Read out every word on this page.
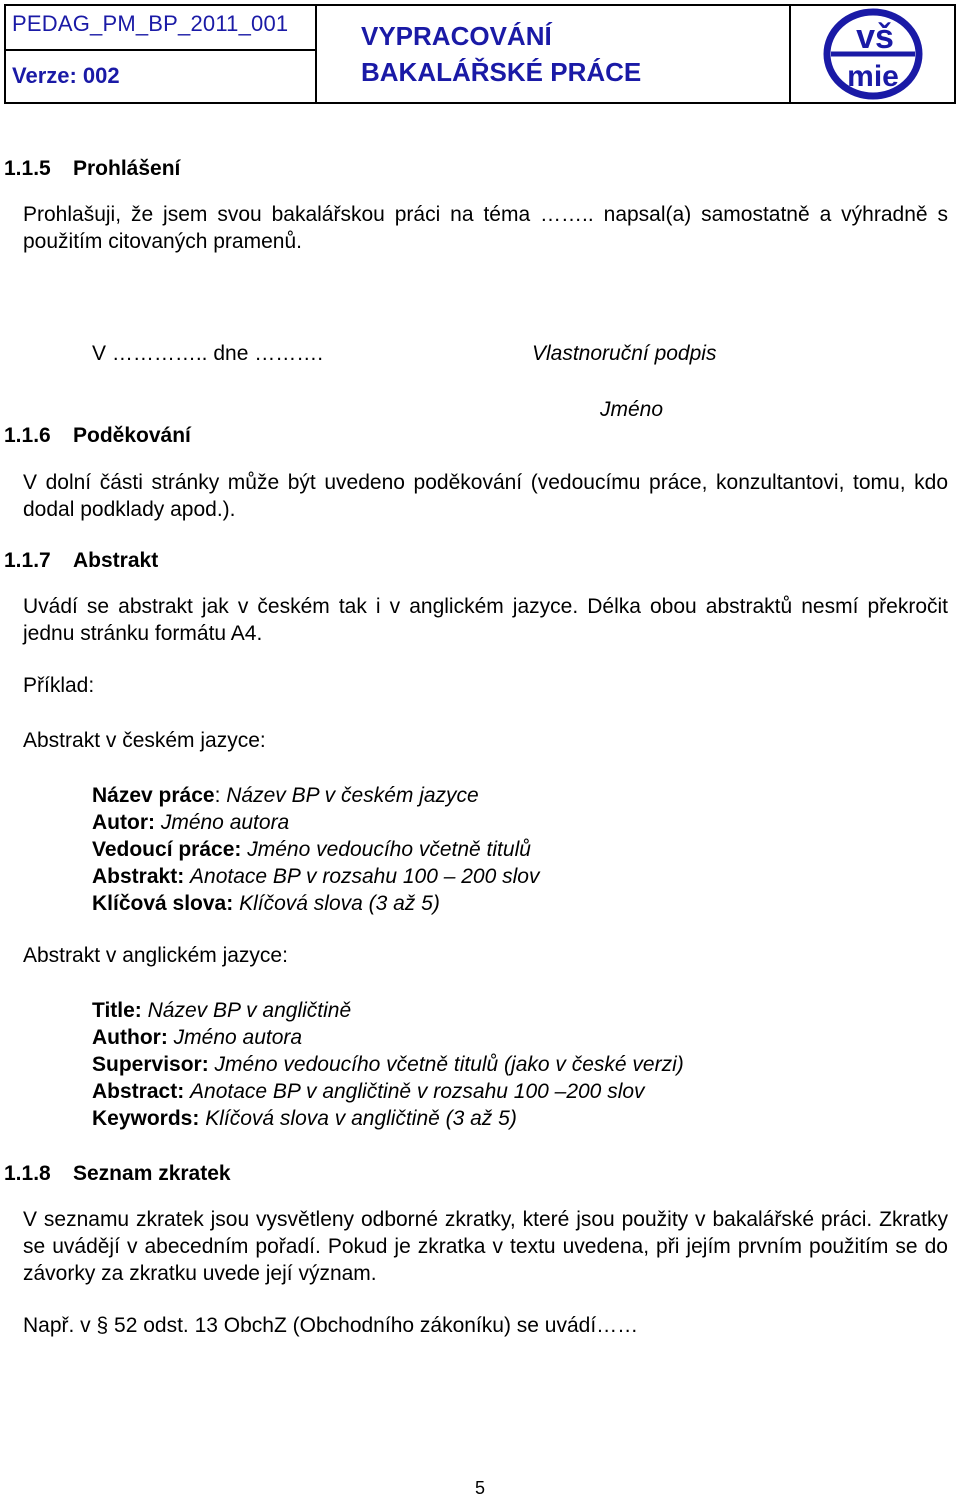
PEDAG_PM_BP_2011_001
Verze: 002
VYPRACOVÁNÍ
BAKALÁŘSKÉ PRÁCE
vš
mie
1.1.5 Prohlášení
Prohlašuji, že jsem svou bakalářskou práci na téma …….. napsal(a) samostatně a výhradně s použitím citovaných pramenů.
V ………….. dne ……….	Vlastnoruční podpis
Jméno
1.1.6 Poděkování
V dolní části stránky může být uvedeno poděkování (vedoucímu práce, konzultantovi, tomu, kdo dodal podklady apod.).
1.1.7 Abstrakt
Uvádí se abstrakt jak v českém tak i v anglickém jazyce. Délka obou abstraktů nesmí překročit jednu stránku formátu A4.
Příklad:
Abstrakt v českém jazyce:
Název práce: Název BP v českém jazyce
Autor: Jméno autora
Vedoucí práce: Jméno vedoucího včetně titulů
Abstrakt: Anotace BP v rozsahu 100 – 200 slov
Klíčová slova: Klíčová slova (3 až 5)
Abstrakt v anglickém jazyce:
Title: Název BP v angličtině
Author: Jméno autora
Supervisor: Jméno vedoucího včetně titulů (jako v české verzi)
Abstract: Anotace BP v angličtině v rozsahu 100 –200 slov
Keywords: Klíčová slova v angličtině (3 až 5)
1.1.8 Seznam zkratek
V seznamu zkratek jsou vysvětleny odborné zkratky, které jsou použity v bakalářské práci. Zkratky se uvádějí v abecedním pořadí. Pokud je zkratka v textu uvedena, při jejím prvním použitím se do závorky za zkratku uvede její význam.
Např. v § 52 odst. 13 ObchZ (Obchodního zákoníku) se uvádí……
5
